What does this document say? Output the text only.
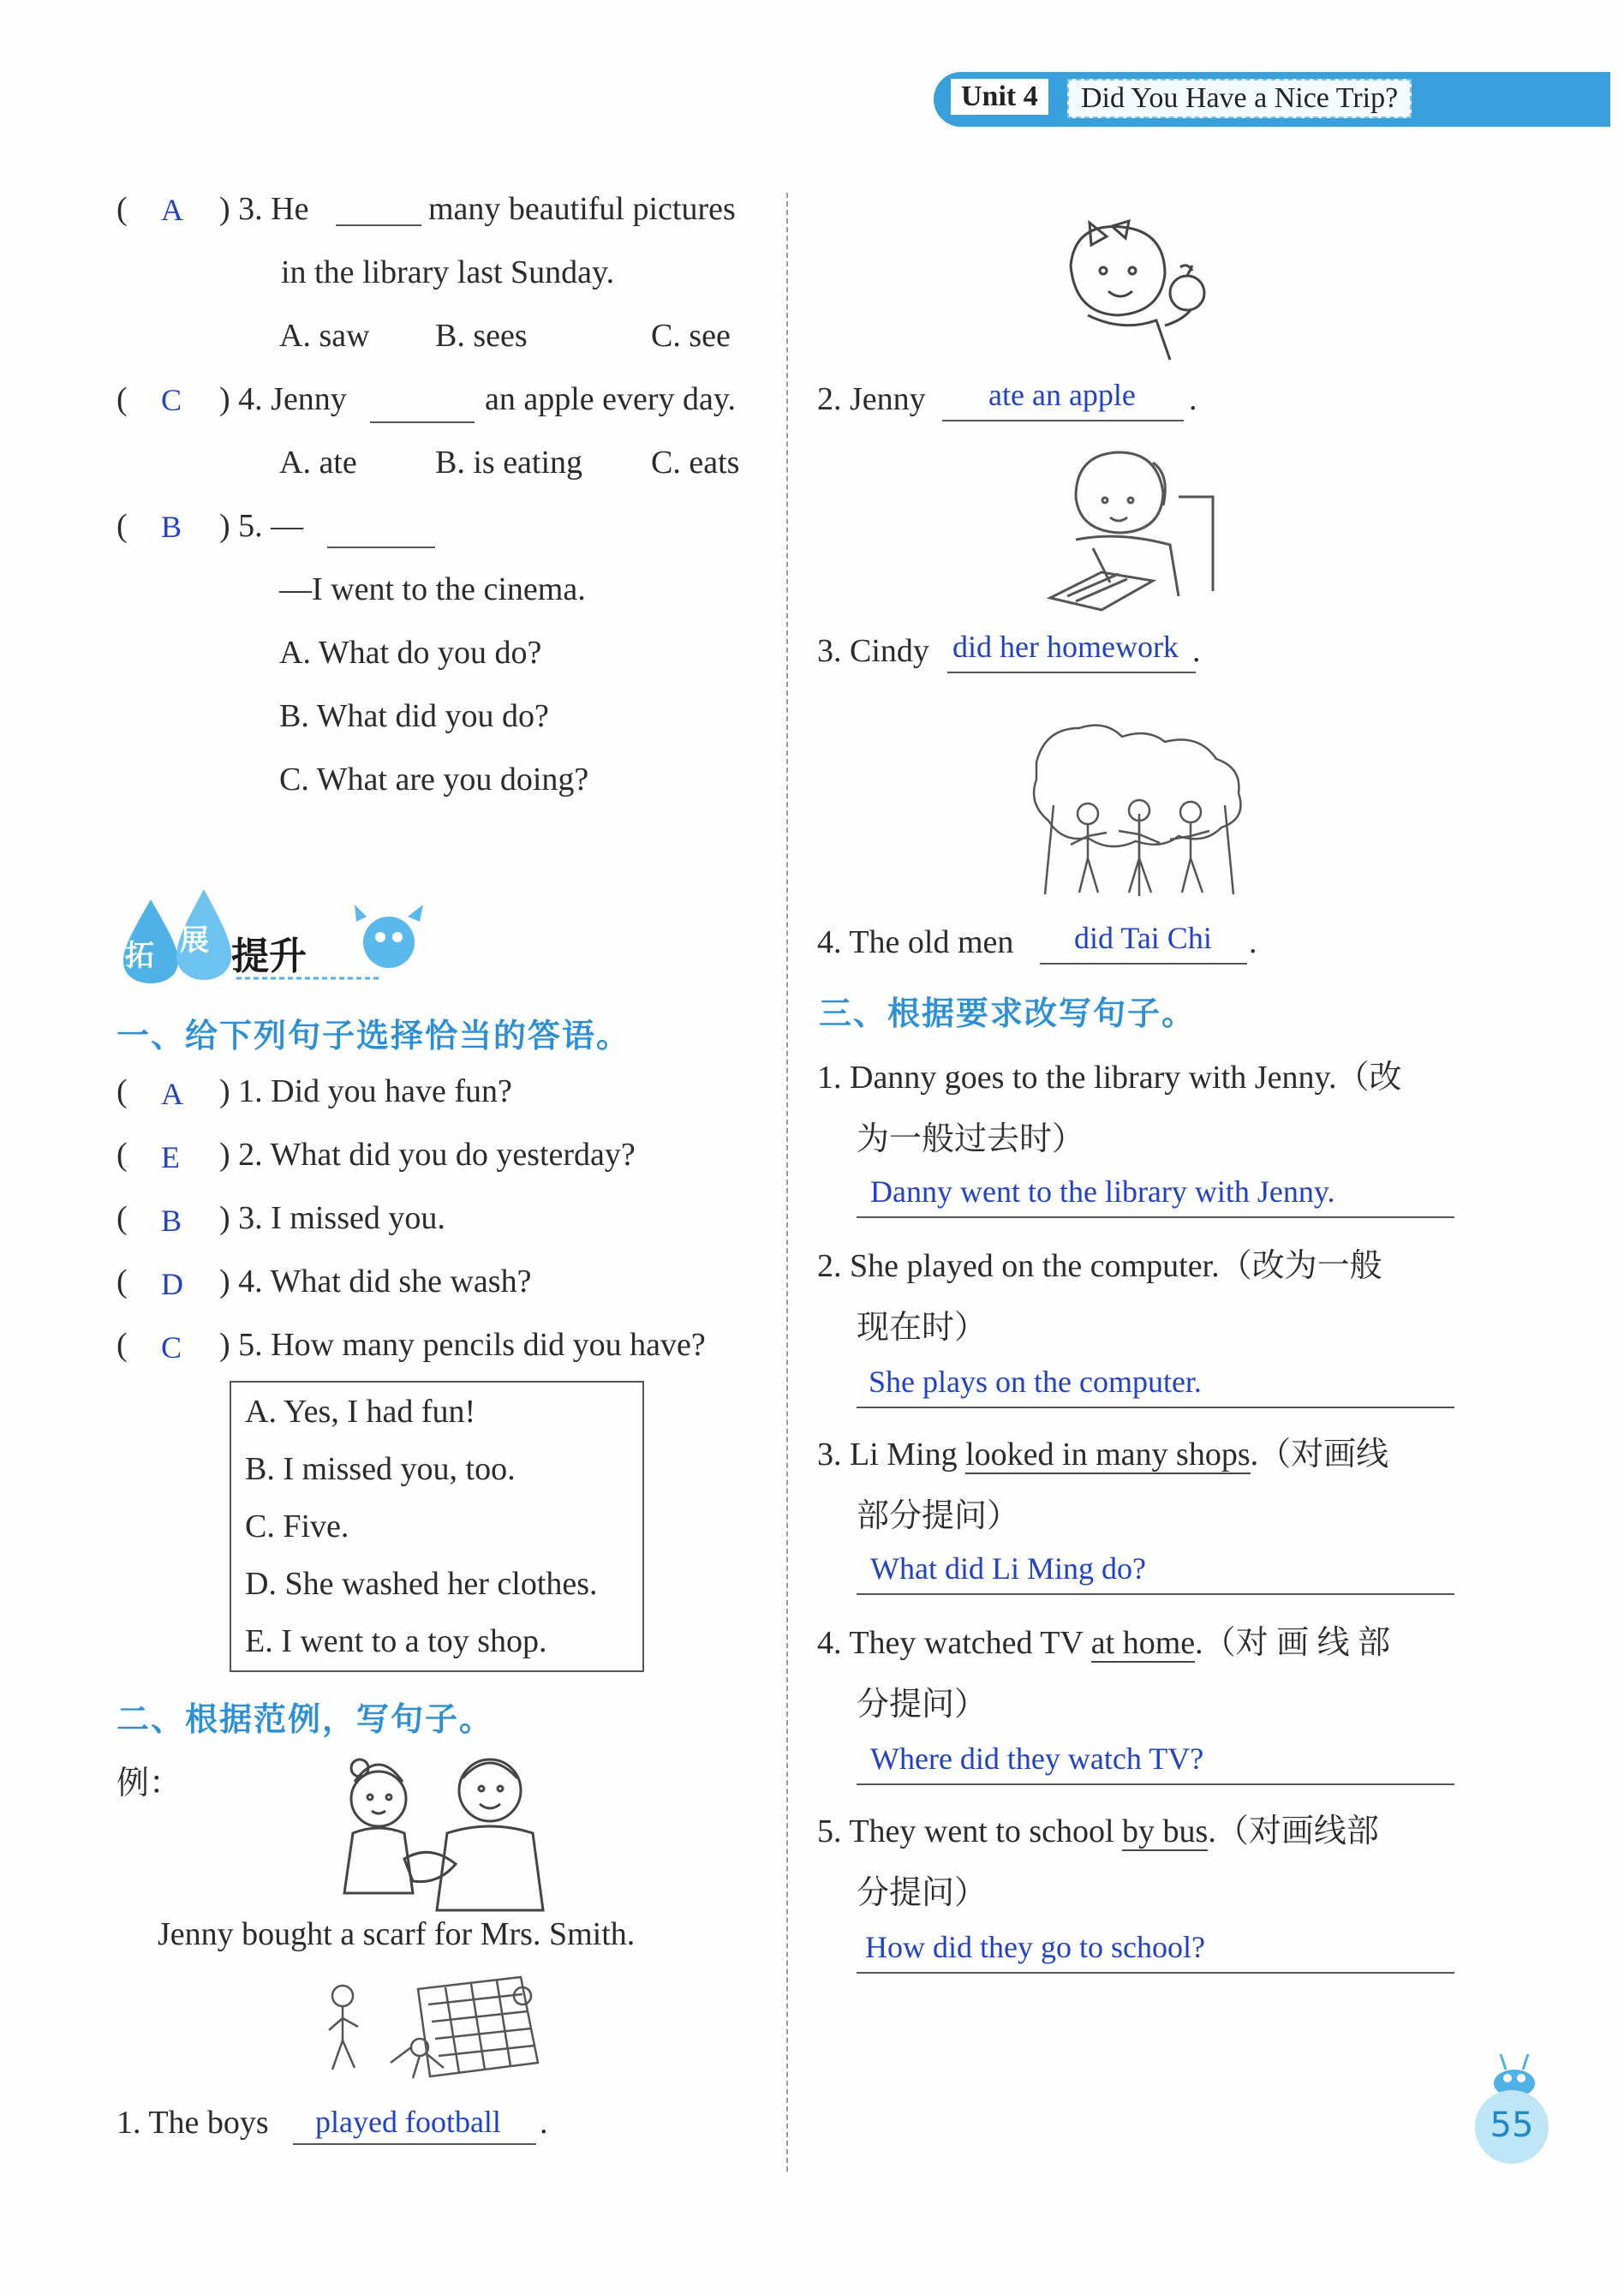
Unit 4	Did You Have a Nice Trip?
( A ) 3. He	many beautiful pictures
in the library last Sunday.
A. saw B. sees	C. see
( C ) 4. Jenny	an apple every day.
A. ate B. is eating C. eats
( B ) 5. —
—I went to the cinema.
A. What do you do?
B. What did you do?
C. What are you doing?
拓 展 提升
一、给下列句子选择恰当的答语。
( A ) 1. Did you have fun?
( E ) 2. What did you do yesterday?
( B ) 3. I missed you.
( D ) 4. What did she wash?
( C ) 5. How many pencils did you have?
A. Yes, I had fun!
B. I missed you, too.
C. Five.
D. She washed her clothes.
E. I went to a toy shop.
二、根据范例，写句子。
例：
Jenny bought a scarf for Mrs. Smith.
1. The boys played football .
2. Jenny ate an apple .
3. Cindy did her homework .
4. The old men did Tai Chi .
三、根据要求改写句子。
1. Danny goes to the library with Jenny.（改
为一般过去时）
Danny went to the library with Jenny.
2. She played on the computer.（改为一般
现在时）
She plays on the computer.
3. Li Ming looked in many shops.（对画线
部分提问）
What did Li Ming do?
4. They watched TV at home.（对 画 线 部
分提问）
Where did they watch TV?
5. They went to school by bus.（对画线部
分提问）
How did they go to school?
55
